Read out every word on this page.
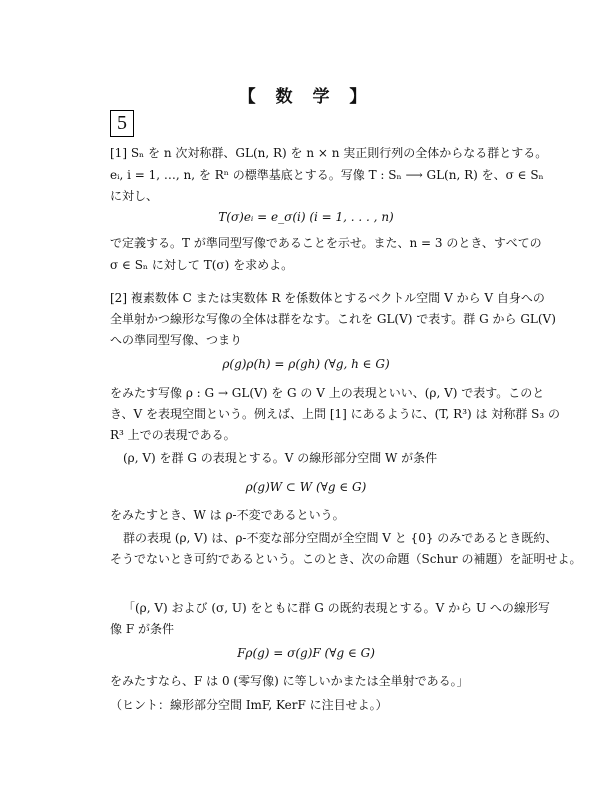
【 数 学 】
5
[1] Sₙ を n 次対称群、GL(n, R) を n × n 実正則行列の全体からなる群とする。
eᵢ, i = 1, …, n, を Rⁿ の標準基底とする。写像 T : Sₙ ⟶ GL(n, R) を、σ ∈ Sₙ
に対し、
T(σ)eᵢ = e_σ(i) (i = 1, . . . , n)
で定義する。T が準同型写像であることを示せ。また、n = 3 のとき、すべての
σ ∈ Sₙ に対して T(σ) を求めよ。
[2] 複素数体 C または実数体 R を係数体とするベクトル空間 V から V 自身への
全単射かつ線形な写像の全体は群をなす。これを GL(V) で表す。群 G から GL(V)
への準同型写像、つまり
ρ(g)ρ(h) = ρ(gh) (∀g, h ∈ G)
をみたす写像 ρ : G → GL(V) を G の V 上の表現といい、(ρ, V) で表す。このと
き、V を表現空間という。例えば、上問 [1] にあるように、(T, R³) は 対称群 S₃ の
R³ 上での表現である。
(ρ, V) を群 G の表現とする。V の線形部分空間 W が条件
ρ(g)W ⊂ W (∀g ∈ G)
をみたすとき、W は ρ-不変であるという。
群の表現 (ρ, V) は、ρ-不変な部分空間が全空間 V と {0} のみであるとき既約、
そうでないとき可約であるという。このとき、次の命題（Schur の補題）を証明せよ。
「(ρ, V) および (σ, U) をともに群 G の既約表現とする。V から U への線形写
像 F が条件
Fρ(g) = σ(g)F (∀g ∈ G)
をみたすなら、F は 0 (零写像) に等しいかまたは全単射である。」
（ヒント：線形部分空間 ImF, KerF に注目せよ。）
